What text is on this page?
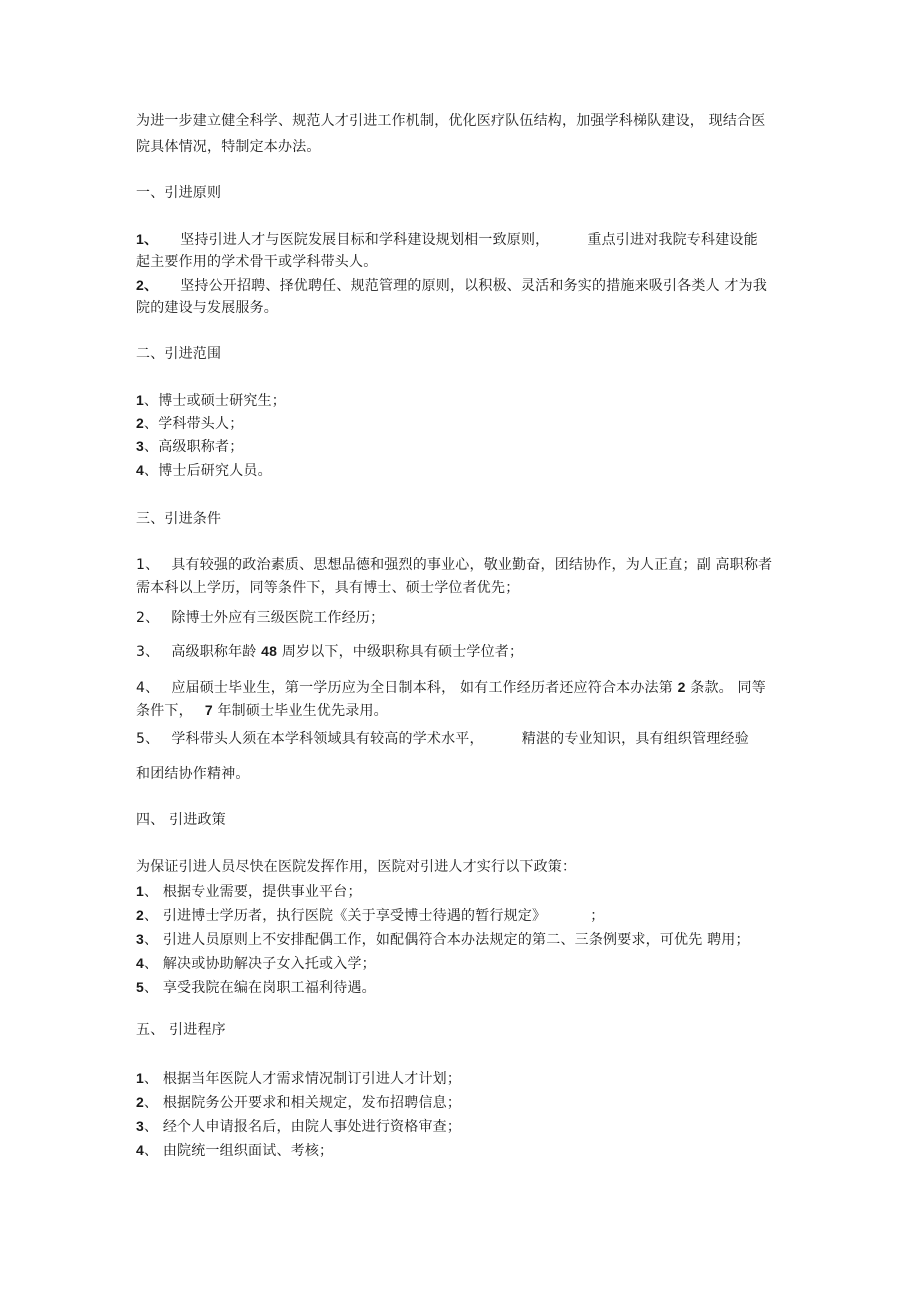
为进一步建立健全科学、规范人才引进工作机制，优化医疗队伍结构，加强学科梯队建设， 现结合医
院具体情况，特制定本办法。
一、引进原则
1、 坚持引进人才与医院发展目标和学科建设规划相一致原则，	重点引进对我院专科建设能
起主要作用的学术骨干或学科带头人。
2、 坚持公开招聘、择优聘任、规范管理的原则，以积极、灵活和务实的措施来吸引各类人 才为我
院的建设与发展服务。
二、引进范围
1、博士或硕士研究生；
2、学科带头人；
3、高级职称者；
4、博士后研究人员。
三、引进条件
1、 具有较强的政治素质、思想品德和强烈的事业心，敬业勤奋，团结协作，为人正直；副 高职称者
需本科以上学历，同等条件下，具有博士、硕士学位者优先；
2、 除博士外应有三级医院工作经历；
3、 高级职称年龄 48 周岁以下，中级职称具有硕士学位者；
4、 应届硕士毕业生，第一学历应为全日制本科， 如有工作经历者还应符合本办法第 2 条款。 同等
条件下， 7 年制硕士毕业生优先录用。
5、 学科带头人须在本学科领域具有较高的学术水平，	精湛的专业知识，具有组织管理经验
和团结协作精神。
四、 引进政策
为保证引进人员尽快在医院发挥作用，医院对引进人才实行以下政策：
1、 根据专业需要，提供事业平台；
2、 引进博士学历者，执行医院《关于享受博士待遇的暂行规定》	；
3、 引进人员原则上不安排配偶工作，如配偶符合本办法规定的第二、三条例要求，可优先 聘用；
4、 解决或协助解决子女入托或入学；
5、 享受我院在编在岗职工福利待遇。
五、 引进程序
1、 根据当年医院人才需求情况制订引进人才计划；
2、 根据院务公开要求和相关规定，发布招聘信息；
3、 经个人申请报名后，由院人事处进行资格审查；
4、 由院统一组织面试、考核；
